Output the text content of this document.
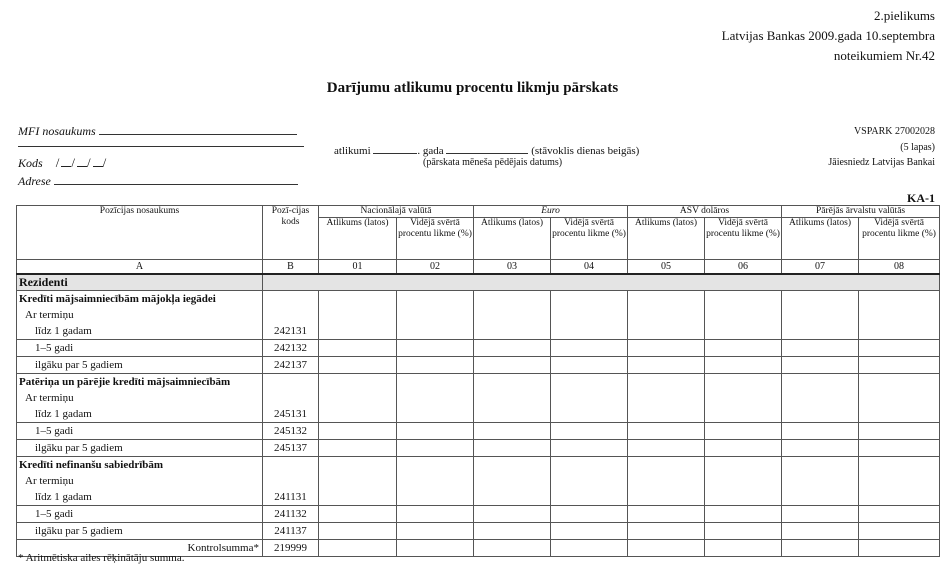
2.pielikums
Latvijas Bankas 2009.gada 10.septembra
noteikumiem Nr.42
Darījumu atlikumu procentu likmju pārskats
MFI nosaukums
Kods / / / /
Adrese
atlikumi	. gada	(stāvoklis dienas beigās)
(pārskata mēneša pēdējais datums)
VSPARK 27002028
(5 lapas)
Jāiesniedz Latvijas Bankai
KA-1
Pozīcijas nosaukums	Pozī-cijas kods	Nacionālajā valūtā		Euro		ASV dolāros		Pārējās ārvalstu valūtās	
		Atlikums (latos)	Vidējā svērtā procentu likme (%)	Atlikums (latos)	Vidējā svērtā procentu likme (%)	Atlikums (latos)	Vidējā svērtā procentu likme (%)	Atlikums (latos)	Vidējā svērtā procentu likme (%)
A	B	01	02	03	04	05	06	07	08
Rezidenti									
Kredīti mājsaimniecībām mājokļa iegādei									
Ar termiņu									
līdz 1 gadam	242131								
1–5 gadi	242132								
ilgāku par 5 gadiem	242137								
Patēriņa un pārējie kredīti mājsaimniecībām									
Ar termiņu									
līdz 1 gadam	245131								
1–5 gadi	245132								
ilgāku par 5 gadiem	245137								
Kredīti nefinanšu sabiedrībām									
Ar termiņu									
līdz 1 gadam	241131								
1–5 gadi	241132								
ilgāku par 5 gadiem	241137								
Kontrolsumma*	219999								
* Aritmētiska ailes rēķinātāju summa.
